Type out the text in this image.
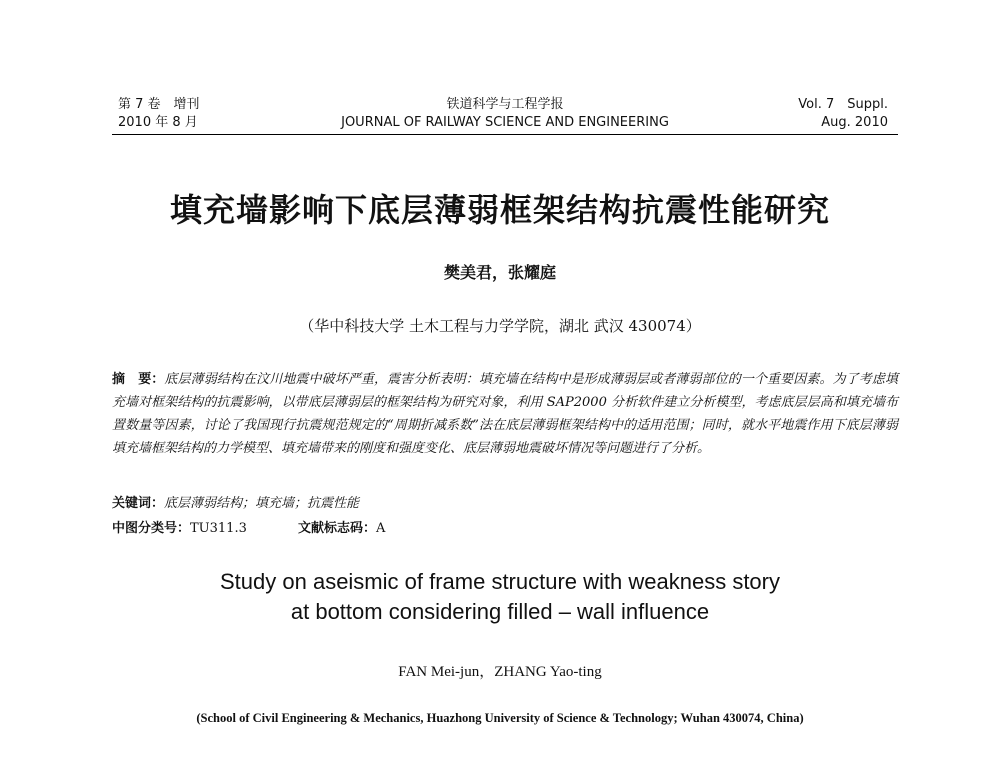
第 7 卷　增刊
2010 年 8 月
铁道科学与工程学报
JOURNAL OF RAILWAY SCIENCE AND ENGINEERING
Vol. 7　Suppl.
Aug. 2010
填充墙影响下底层薄弱框架结构抗震性能研究
樊美君，张耀庭
（华中科技大学 土木工程与力学学院，湖北 武汉 430074）
摘　要：底层薄弱结构在汶川地震中破坏严重，震害分析表明：填充墙在结构中是形成薄弱层或者薄弱部位的一个重要因素。为了考虑填充墙对框架结构的抗震影响，以带底层薄弱层的框架结构为研究对象，利用 SAP2000 分析软件建立分析模型，考虑底层层高和填充墙布置数量等因素，讨论了我国现行抗震规范规定的“周期折减系数”法在底层薄弱框架结构中的适用范围；同时，就水平地震作用下底层薄弱填充墙框架结构的力学模型、填充墙带来的刚度和强度变化、底层薄弱地震破坏情况等问题进行了分析。
关键词：底层薄弱结构；填充墙；抗震性能
中图分类号：TU311.3	文献标志码：A
Study on aseismic of frame structure with weakness story
at bottom considering filled – wall influence
FAN Mei-jun，ZHANG Yao-ting
(School of Civil Engineering & Mechanics, Huazhong University of Science & Technology; Wuhan 430074, China)
